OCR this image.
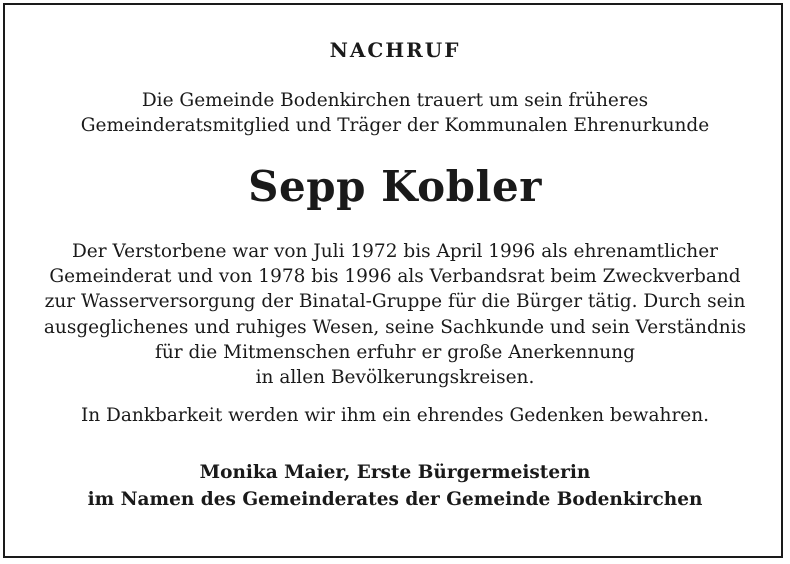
NACHRUF
Die Gemeinde Bodenkirchen trauert um sein früheres
Gemeinderatsmitglied und Träger der Kommunalen Ehrenurkunde
Sepp Kobler
Der Verstorbene war von Juli 1972 bis April 1996 als ehrenamtlicher
Gemeinderat und von 1978 bis 1996 als Verbandsrat beim Zweckverband
zur Wasserversorgung der Binatal-Gruppe für die Bürger tätig. Durch sein
ausgeglichenes und ruhiges Wesen, seine Sachkunde und sein Verständnis
für die Mitmenschen erfuhr er große Anerkennung
in allen Bevölkerungskreisen.
In Dankbarkeit werden wir ihm ein ehrendes Gedenken bewahren.
Monika Maier, Erste Bürgermeisterin
im Namen des Gemeinderates der Gemeinde Bodenkirchen
